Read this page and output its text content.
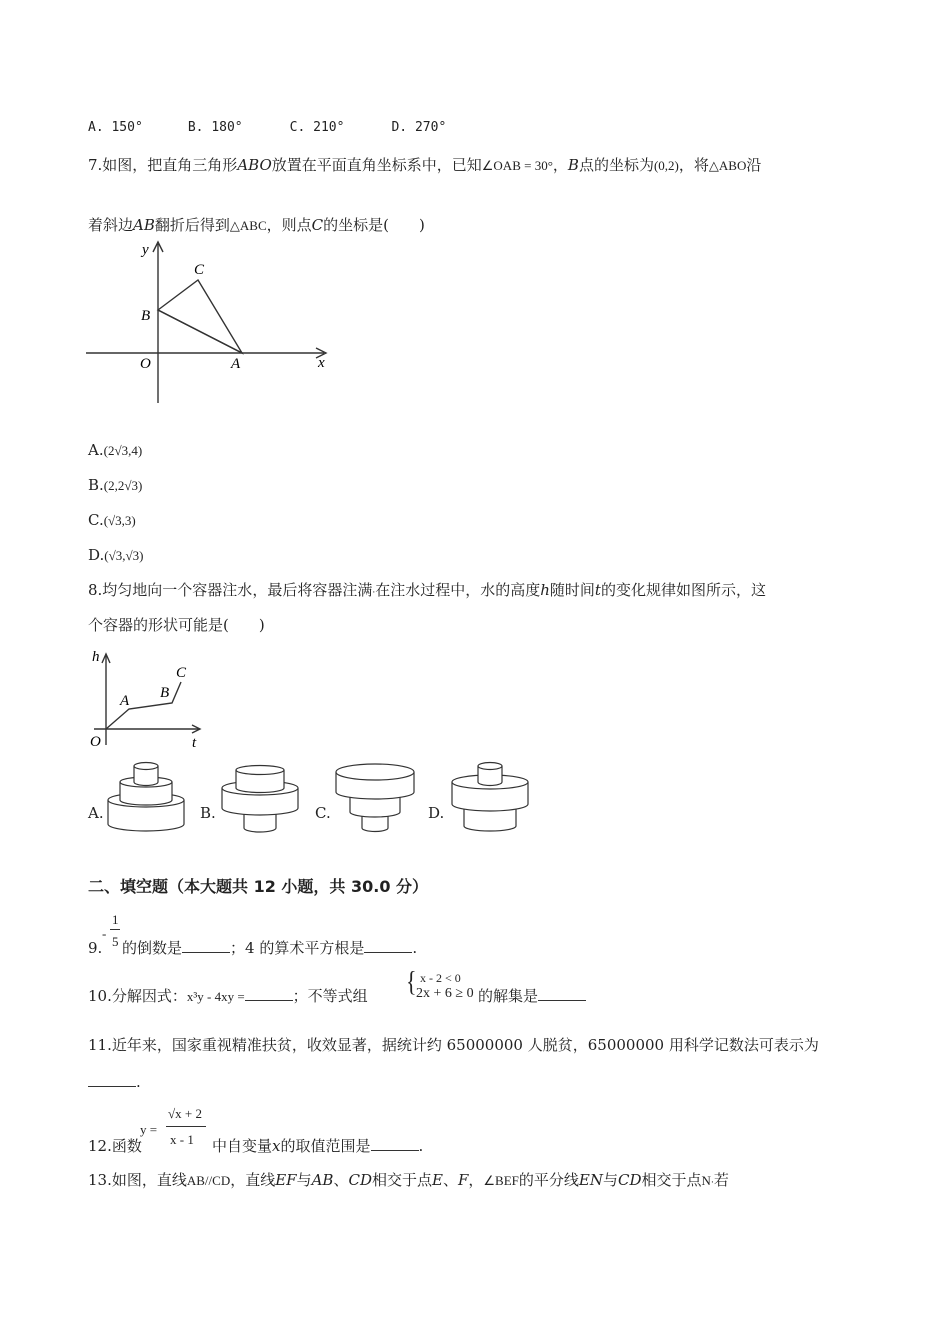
A. 150°	B. 180°	C. 210°	D. 270°
7.如图，把直角三角形ABO放置在平面直角坐标系中，已知∠OAB = 30°，B点的坐标为(0,2)，将△ABO沿
着斜边AB翻折后得到△ABC，则点C的坐标是(　　)
y
x
C
B
O	A
A.(2√3,4)
B.(2,2√3)
C.(√3,3)
D.(√3,√3)
8.均匀地向一个容器注水，最后将容器注满·在注水过程中，水的高度h随时间t的变化规律如图所示，这
个容器的形状可能是(　　)
h
t
O
A B
C
A.	B.	C.	D.
二、填空题（本大题共 12 小题，共 30.0 分）
9.
-
1
5 的倒数是	；4 的算术平方根是	.
10.分解因式：x³y - 4xy =	；不等式组 { x - 2 < 0
2x + 6 ≥ 0 的解集是
11.近年来，国家重视精准扶贫，收效显著，据统计约 65000000 人脱贫，65000000 用科学记数法可表示为
.
12.函数
y =
√x + 2
x - 1 中自变量x的取值范围是	.
13.如图，直线AB//CD，直线EF与AB、CD相交于点E、F，∠BEF的平分线EN与CD相交于点N·若
